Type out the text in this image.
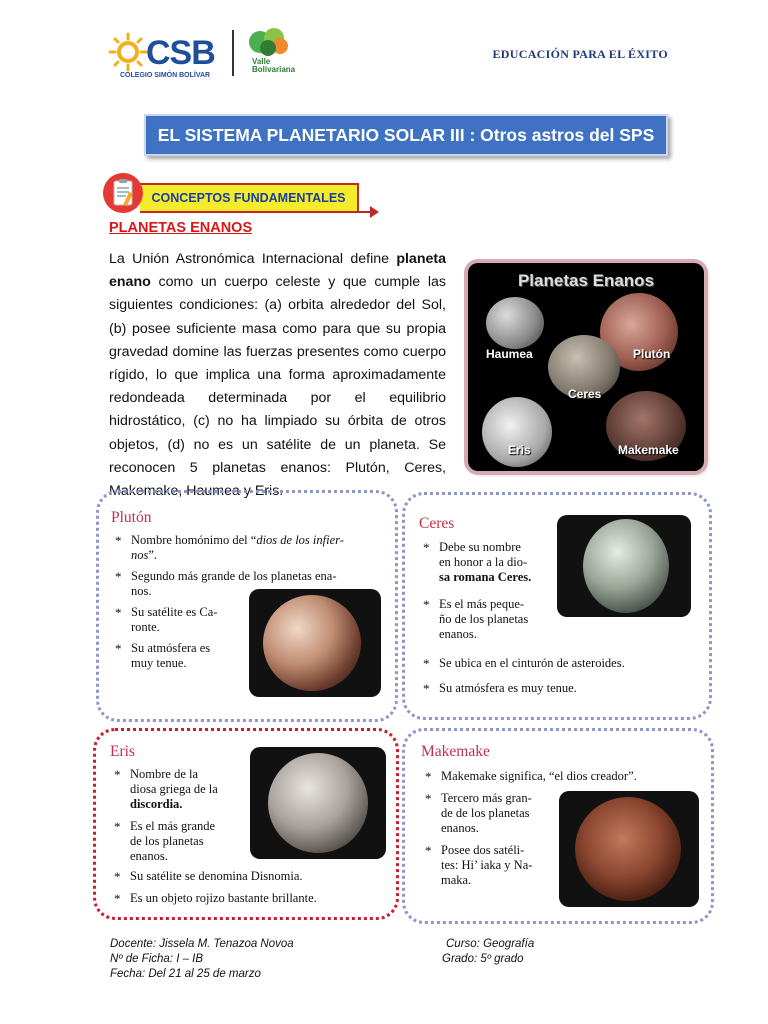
CSB
COLEGIO SIMÓN BOLÍVAR
Valle Bolivariana
EDUCACIÓN PARA EL ÉXITO
EL SISTEMA PLANETARIO SOLAR III : Otros astros del SPS
CONCEPTOS FUNDAMENTALES
PLANETAS ENANOS
La Unión Astronómica Internacional define planeta enano como un cuerpo celeste y que cumple las siguientes condiciones: (a) orbita alrededor del Sol, (b) posee suficiente masa como para que su propia gravedad domine las fuerzas presentes como cuerpo rígido, lo que implica una forma aproximadamente redondeada determinada por el equilibrio hidrostático, (c) no ha limpiado su órbita de otros objetos, (d) no es un satélite de un planeta. Se reconocen 5 planetas enanos: Plutón, Ceres, Makemake, Haumea y Eris.
Planetas Enanos
Haumea	Plutón
Ceres
Eris	Makemake
Plutón
* Nombre homónimo del “dios de los infier-
nos”.
* Segundo más grande de los planetas ena-
nos.
* Su satélite es Ca-
ronte.
* Su atmósfera es
muy tenue.
Ceres
* Debe su nombre
en honor a la dio-
sa romana Ceres.
* Es el más peque-
ño de los planetas
enanos.
* Se ubica en el cinturón de asteroides.
* Su atmósfera es muy tenue.
Eris
* Nombre de la
diosa griega de la
discordia.
* Es el más grande
de los planetas
enanos.
* Su satélite se denomina Disnomia.
* Es un objeto rojizo bastante brillante.
Makemake
* Makemake significa, “el dios creador”.
* Tercero más gran-
de de los planetas
enanos.
* Posee dos satéli-
tes: Hi’ iaka y Na-
maka.
Docente: Jissela M. Tenazoa Novoa
Nº de Ficha: I – IB
Fecha: Del 21 al 25 de marzo
Curso: Geografía
Grado: 5º grado
